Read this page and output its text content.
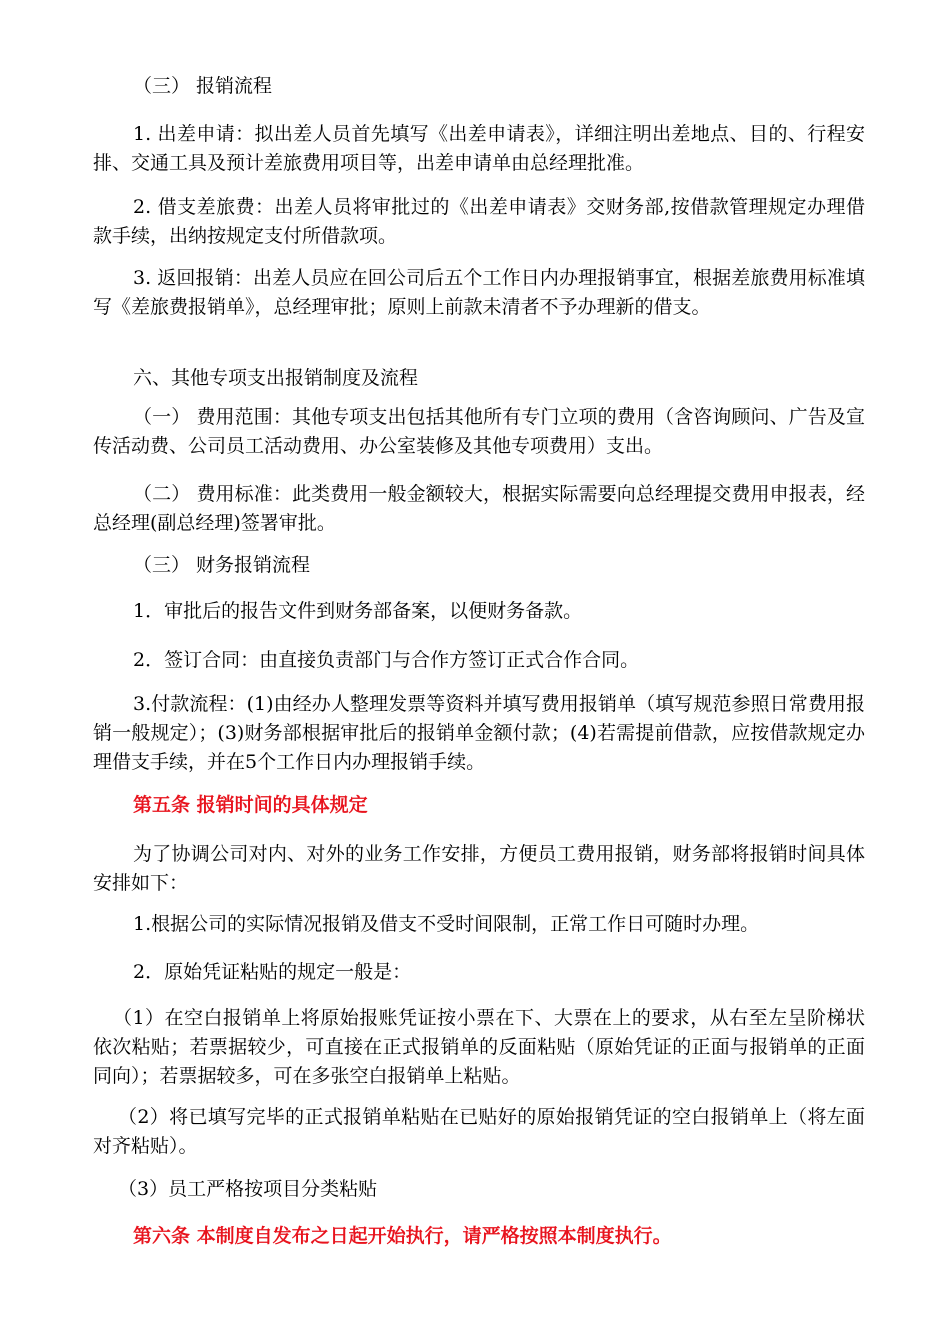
（三） 报销流程

1. 出差申请：拟出差人员首先填写《出差申请表》，详细注明出差地点、目的、行程安排、交通工具及预计差旅费用项目等，出差申请单由总经理批准。

2. 借支差旅费：出差人员将审批过的《出差申请表》交财务部,按借款管理规定办理借款手续，出纳按规定支付所借款项。

3. 返回报销：出差人员应在回公司后五个工作日内办理报销事宜，根据差旅费用标准填写《差旅费报销单》，总经理审批；原则上前款未清者不予办理新的借支。

六、其他专项支出报销制度及流程

（一） 费用范围：其他专项支出包括其他所有专门立项的费用（含咨询顾问、广告及宣传活动费、公司员工活动费用、办公室装修及其他专项费用）支出。

（二） 费用标准：此类费用一般金额较大，根据实际需要向总经理提交费用申报表，经总经理(副总经理)签署审批。

（三） 财务报销流程

1．审批后的报告文件到财务部备案，以便财务备款。

2．签订合同：由直接负责部门与合作方签订正式合作合同。

3.付款流程：(1)由经办人整理发票等资料并填写费用报销单（填写规范参照日常费用报销一般规定）；(3)财务部根据审批后的报销单金额付款；(4)若需提前借款，应按借款规定办理借支手续，并在5个工作日内办理报销手续。

第五条 报销时间的具体规定

为了协调公司对内、对外的业务工作安排，方便员工费用报销，财务部将报销时间具体安排如下：

1.根据公司的实际情况报销及借支不受时间限制，正常工作日可随时办理。

2．原始凭证粘贴的规定一般是：

（1）在空白报销单上将原始报账凭证按小票在下、大票在上的要求，从右至左呈阶梯状依次粘贴；若票据较少，可直接在正式报销单的反面粘贴（原始凭证的正面与报销单的正面同向）；若票据较多，可在多张空白报销单上粘贴。

（2）将已填写完毕的正式报销单粘贴在已贴好的原始报销凭证的空白报销单上（将左面对齐粘贴）。

（3）员工严格按项目分类粘贴

第六条 本制度自发布之日起开始执行，请严格按照本制度执行。
